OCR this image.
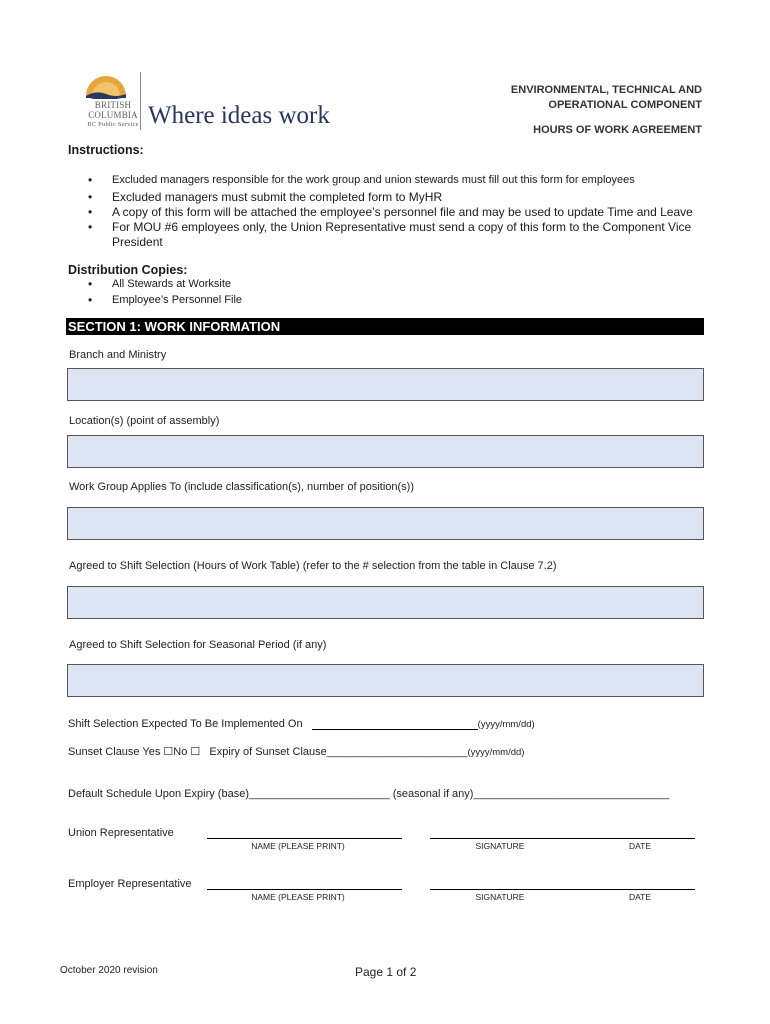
BRITISH
COLUMBIA
BC Public Service Where ideas work
ENVIRONMENTAL, TECHNICAL AND
OPERATIONAL COMPONENT
HOURS OF WORK AGREEMENT
Instructions:
• Excluded managers responsible for the work group and union stewards must fill out this form for employees
• Excluded managers must submit the completed form to MyHR
• A copy of this form will be attached the employee’s personnel file and may be used to update Time and Leave
• For MOU #6 employees only, the Union Representative must send a copy of this form to the Component Vice President
Distribution Copies:
• All Stewards at Worksite
• Employee’s Personnel File
SECTION 1: WORK INFORMATION
Branch and Ministry
Location(s) (point of assembly)
Work Group Applies To (include classification(s), number of position(s))
Agreed to Shift Selection (Hours of Work Table) (refer to the # selection from the table in Clause 7.2)
Agreed to Shift Selection for Seasonal Period (if any)
Shift Selection Expected To Be Implemented On	(yyyy/mm/dd)
Sunset Clause Yes ☐No ☐ Expiry of Sunset Clause_______________________(yyyy/mm/dd)
Default Schedule Upon Expiry (base)_______________________ (seasonal if any)________________________________
Union Representative
NAME (PLEASE PRINT)	SIGNATURE	DATE
Employer Representative
NAME (PLEASE PRINT)	SIGNATURE	DATE
October 2020 revision	Page 1 of 2
